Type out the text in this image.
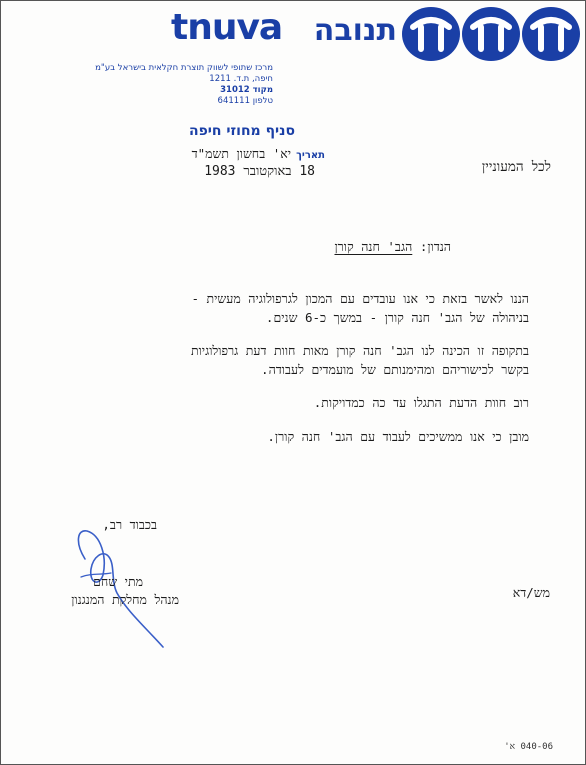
תנובה
tnuva
מרכז שתופי לשווק תוצרת חקלאית בישראל בע"מ
חיפה, ת.ד. 1211
מקוד 31012
טלפון 641111
סניף מחוזי חיפה
תאריך יא' בחשון תשמ"ד
18 באוקטובר 1983	לכל המעוניין
הנדון: הגב' חנה קורן
הננו לאשר בזאת כי אנו עובדים עם המכון לגרפולוגיה מעשית -
בניהולה של הגב' חנה קורן - במשך כ-6 שנים.
בתקופה זו הכינה לנו הגב' חנה קורן מאות חוות דעת גרפולוגיות
בקשר לכישוריהם ומהימנותם של מועמדים לעבודה.
רוב חוות הדעת התגלו עד כה כמדויקות.
מובן כי אנו ממשיכים לעבוד עם הגב' חנה קורן.
בכבוד רב,
מתי שחם
מנהל מחלקת המנגנון	מש/דא
040-06 א'
